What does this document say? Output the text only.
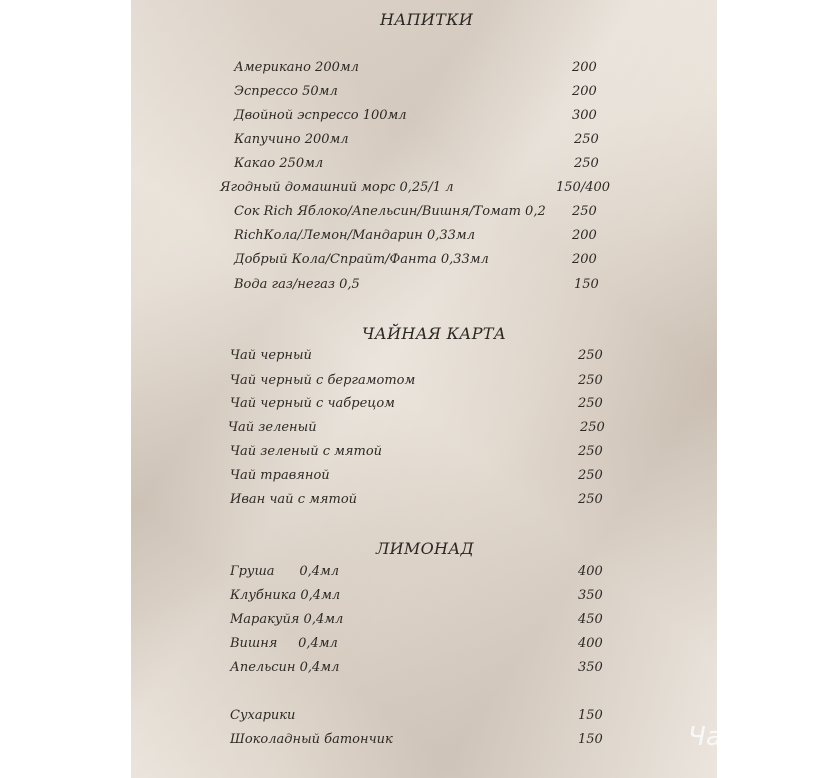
НАПИТКИ
Американо 200мл	200
Эспрессо 50мл	200
Двойной эспрессо 100мл	300
Капучино 200мл	250
Какао 250мл	250
Ягодный домашний морс 0,25/1 л	150/400
Сок Rich Яблоко/Апельсин/Вишня/Томат 0,2 250
RichКола/Лемон/Мандарин 0,33мл	200
Добрый Кола/Спрайт/Фанта 0,33мл	200
Вода газ/негаз 0,5	150
ЧАЙНАЯ КАРТА
Чай черный	250
Чай черный с бергамотом	250
Чай черный с чабрецом	250
Чай зеленый	250
Чай зеленый с мятой	250
Чай травяной	250
Иван чай с мятой	250
ЛИМОНАД
Груша      0,4мл	400
Клубника 0,4мл	350
Маракуйя 0,4мл	450
Вишня     0,4мл	400
Апельсин 0,4мл	350
Сухарики	150
Шоколадный батончик	150	ЧаВ
